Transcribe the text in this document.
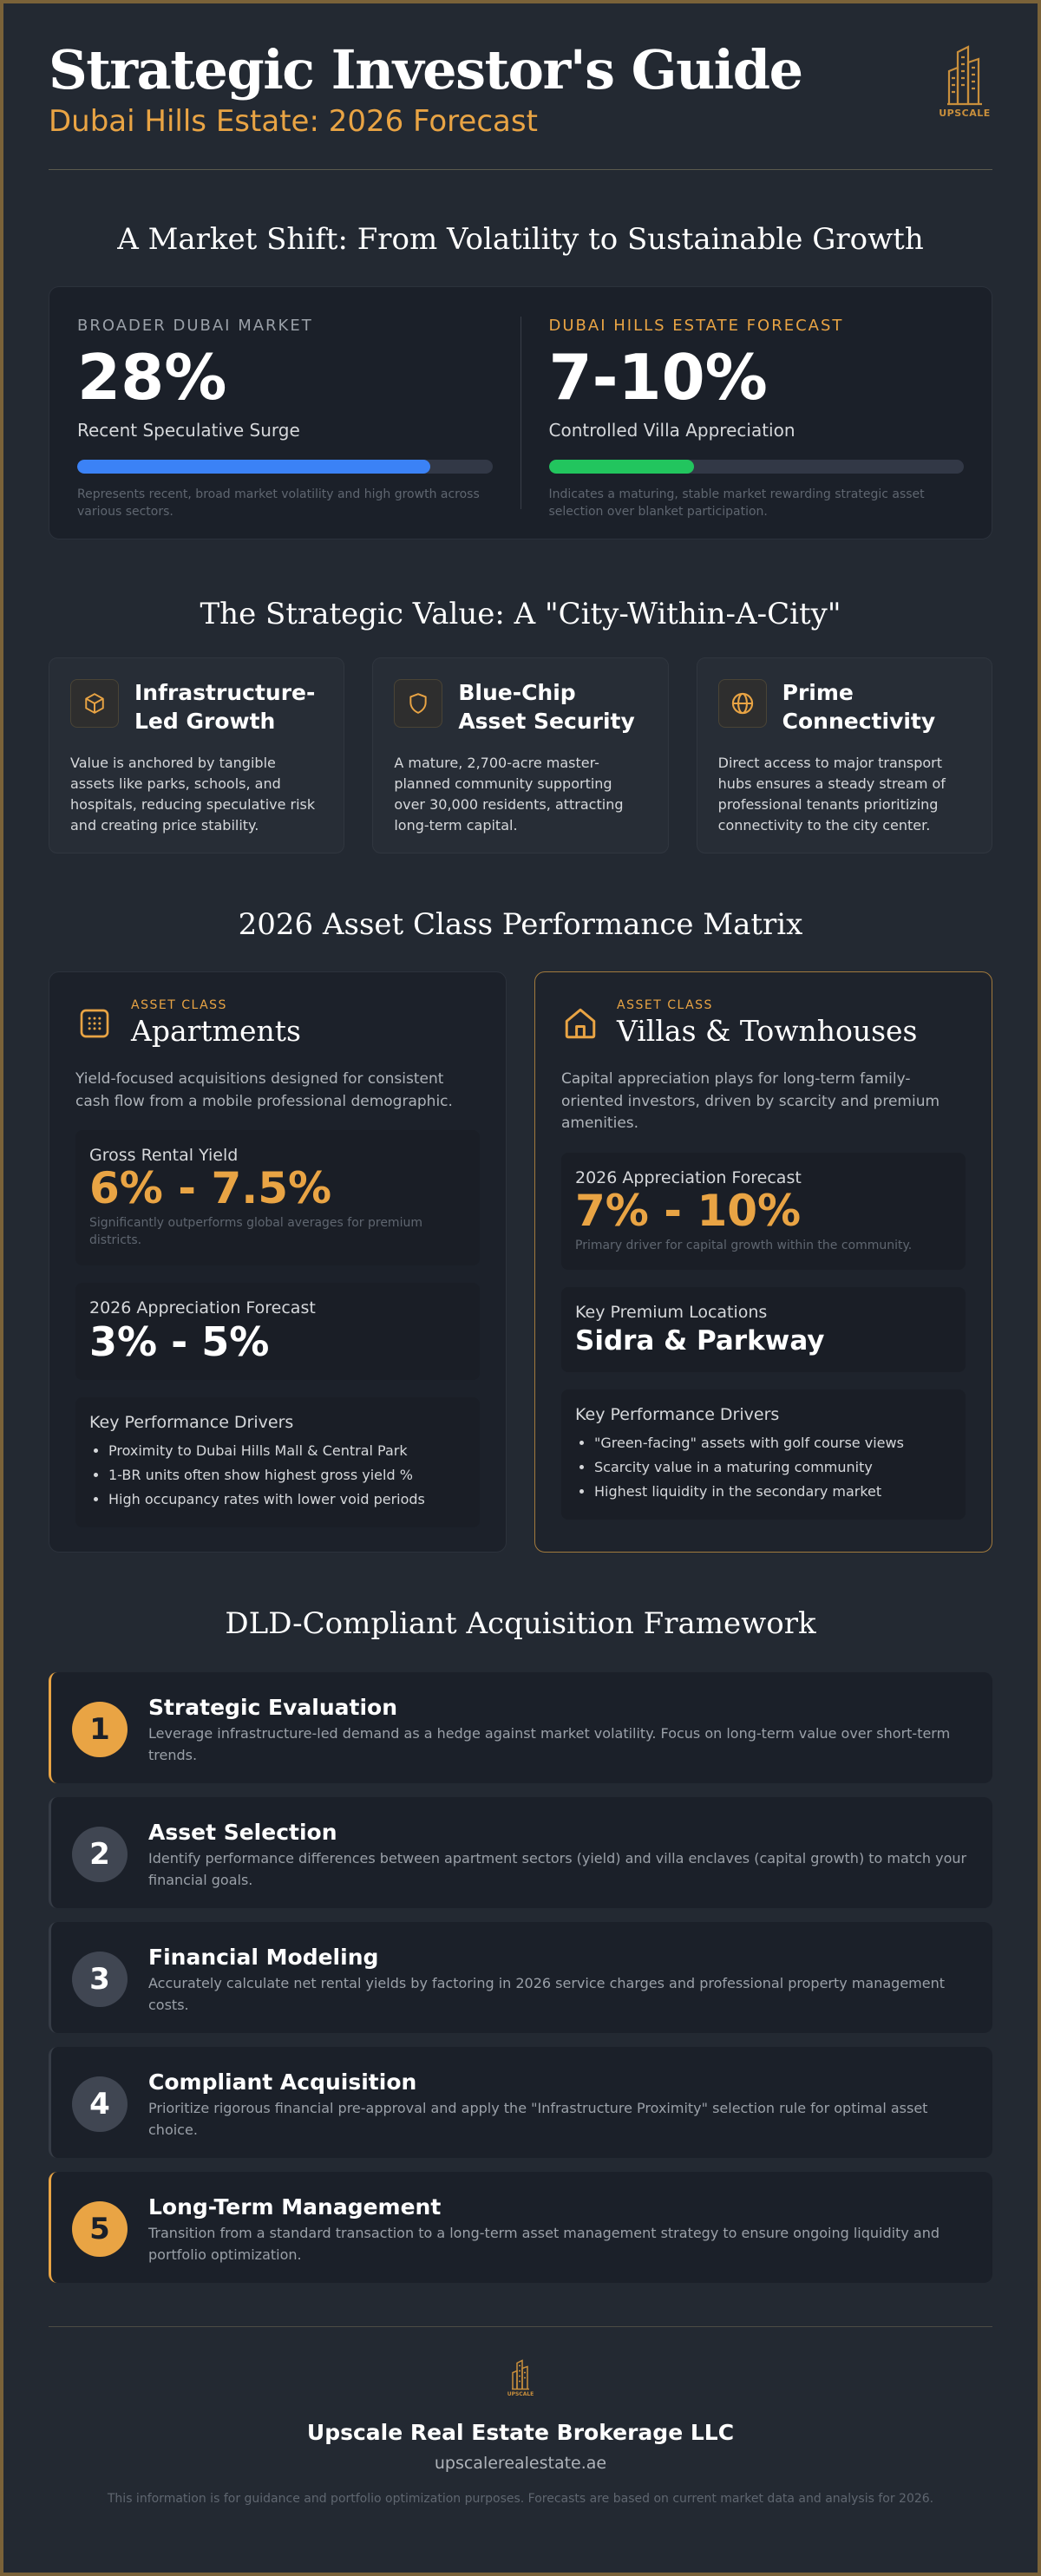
Strategic Investor's Guide
Dubai Hills Estate: 2026 Forecast	UPSCALE
A Market Shift: From Volatility to Sustainable Growth
BROADER DUBAI MARKET
28%
Recent Speculative Surge
Represents recent, broad market volatility and high growth across various sectors.
DUBAI HILLS ESTATE FORECAST
7-10%
Controlled Villa Appreciation
Indicates a maturing, stable market rewarding strategic asset selection over blanket participation.
The Strategic Value: A "City-Within-A-City"
Infrastructure-Led Growth
Value is anchored by tangible assets like parks, schools, and hospitals, reducing speculative risk and creating price stability.
Blue-Chip Asset Security
A mature, 2,700-acre master-planned community supporting over 30,000 residents, attracting long-term capital.
Prime Connectivity
Direct access to major transport hubs ensures a steady stream of professional tenants prioritizing connectivity to the city center.
2026 Asset Class Performance Matrix
ASSET CLASS
Apartments
Yield-focused acquisitions designed for consistent cash flow from a mobile professional demographic.
Gross Rental Yield
6% - 7.5%
Significantly outperforms global averages for premium districts.
2026 Appreciation Forecast
3% - 5%
Key Performance Drivers
• Proximity to Dubai Hills Mall & Central Park
• 1-BR units often show highest gross yield %
• High occupancy rates with lower void periods
ASSET CLASS
Villas & Townhouses
Capital appreciation plays for long-term family-oriented investors, driven by scarcity and premium amenities.
2026 Appreciation Forecast
7% - 10%
Primary driver for capital growth within the community.
Key Premium Locations
Sidra & Parkway
Key Performance Drivers
• "Green-facing" assets with golf course views
• Scarcity value in a maturing community
• Highest liquidity in the secondary market
DLD-Compliant Acquisition Framework
1
Strategic Evaluation
Leverage infrastructure-led demand as a hedge against market volatility. Focus on long-term value over short-term trends.
2
Asset Selection
Identify performance differences between apartment sectors (yield) and villa enclaves (capital growth) to match your financial goals.
3
Financial Modeling
Accurately calculate net rental yields by factoring in 2026 service charges and professional property management costs.
4
Compliant Acquisition
Prioritize rigorous financial pre-approval and apply the "Infrastructure Proximity" selection rule for optimal asset choice.
5
Long-Term Management
Transition from a standard transaction to a long-term asset management strategy to ensure ongoing liquidity and portfolio optimization.
UPSCALE
Upscale Real Estate Brokerage LLC
upscalerealestate.ae
This information is for guidance and portfolio optimization purposes. Forecasts are based on current market data and analysis for 2026.
